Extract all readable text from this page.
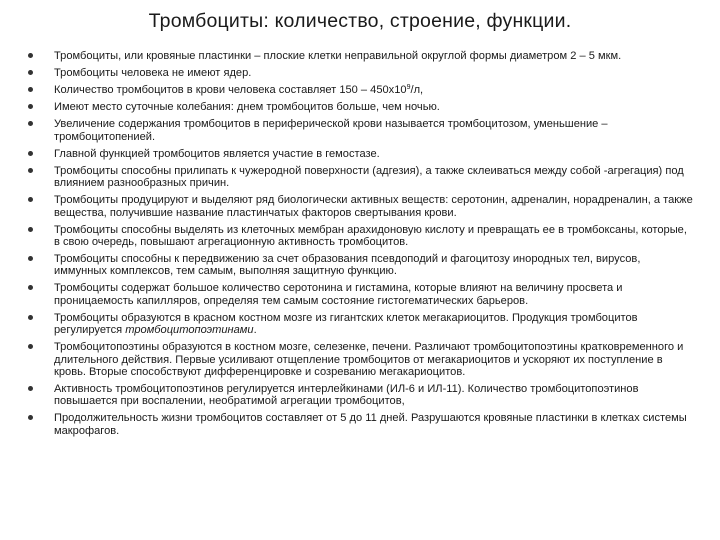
Тромбоциты: количество, строение, функции.
Тромбоциты, или кровяные пластинки – плоские клетки неправильной округлой формы диаметром 2 – 5 мкм.
Тромбоциты человека не имеют ядер.
Количество тромбоцитов в крови человека составляет $150 - 450х10^9/л$,
Имеют место суточные колебания: днем тромбоцитов больше, чем ночью.
Увеличение содержания тромбоцитов в периферической крови называется тромбоцитозом, уменьшение – тромбоцитопенией.
Главной функцией тромбоцитов является участие в гемостазе.
Тромбоциты способны прилипать к чужеродной поверхности (адгезия), а также склеиваться между собой -агрегация) под влиянием разнообразных причин.
Тромбоциты продуцируют и выделяют ряд биологически активных веществ: серотонин, адреналин, норадреналин, а также вещества, получившие название пластинчатых факторов свертывания крови.
Тромбоциты способны выделять из клеточных мембран арахидоновую кислоту и превращать ее в тромбоксаны, которые, в свою очередь, повышают агрегационную активность тромбоцитов.
Тромбоциты способны к передвижению за счет образования псевдоподий и фагоцитозу инородных тел, вирусов, иммунных комплексов, тем самым, выполняя защитную функцию.
Тромбоциты содержат большое количество серотонина и гистамина, которые влияют на величину просвета и проницаемость капилляров, определяя тем самым состояние гистогематических барьеров.
Тромбоциты образуются в красном костном мозге из гигантских клеток мегакариоцитов. Продукция тромбоцитов регулируется тромбоцитопоэтинами.
Тромбоцитопоэтины образуются в костном мозге, селезенке, печени. Различают тромбоцитопоэтины кратковременного и длительного действия. Первые усиливают отщепление тромбоцитов от мегакариоцитов и ускоряют их поступление в кровь. Вторые способствуют дифференцировке и созреванию мегакариоцитов.
Активность тромбоцитопоэтинов регулируется интерлейкинами (ИЛ-6 и ИЛ-11). Количество тромбоцитопоэтинов повышается при воспалении, необратимой агрегации тромбоцитов,
Продолжительность жизни тромбоцитов составляет от 5 до 11 дней. Разрушаются кровяные пластинки в клетках системы макрофагов.
